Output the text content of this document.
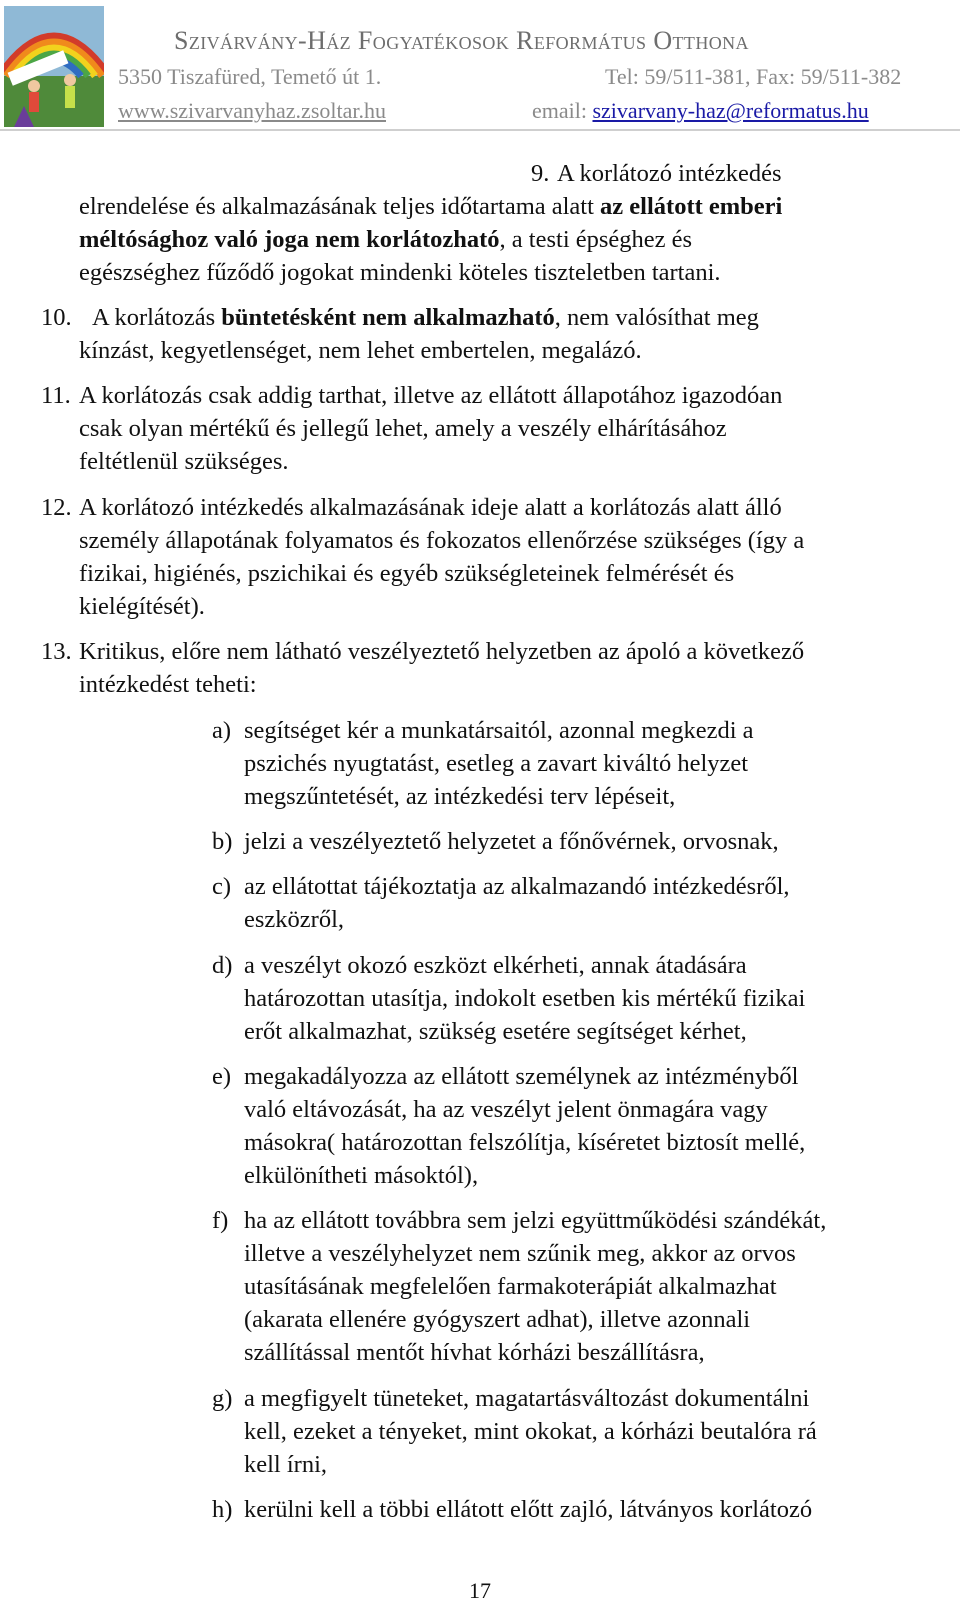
Szivárvány-Ház Fogyatékosok Református Otthona
5350 Tiszafüred, Temető út 1.	Tel: 59/511-381, Fax: 59/511-382
www.szivarvanyhaz.zsoltar.hu	email: szivarvany-haz@reformatus.hu
9. A korlátozó intézkedés
elrendelése és alkalmazásának teljes időtartama alatt az ellátott emberi
méltósághoz való joga nem korlátozható, a testi épséghez és
egészséghez fűződő jogokat mindenki köteles tiszteletben tartani.
10. A korlátozás büntetésként nem alkalmazható, nem valósíthat meg
kínzást, kegyetlenséget, nem lehet embertelen, megalázó.
11. A korlátozás csak addig tarthat, illetve az ellátott állapotához igazodóan
csak olyan mértékű és jellegű lehet, amely a veszély elhárításához
feltétlenül szükséges.
12. A korlátozó intézkedés alkalmazásának ideje alatt a korlátozás alatt álló
személy állapotának folyamatos és fokozatos ellenőrzése szükséges (így a
fizikai, higiénés, pszichikai és egyéb szükségleteinek felmérését és
kielégítését).
13. Kritikus, előre nem látható veszélyeztető helyzetben az ápoló a következő
intézkedést teheti:
a) segítséget kér a munkatársaitól, azonnal megkezdi a
pszichés nyugtatást, esetleg a zavart kiváltó helyzet
megszűntetését, az intézkedési terv lépéseit,
b) jelzi a veszélyeztető helyzetet a főnővérnek, orvosnak,
c) az ellátottat tájékoztatja az alkalmazandó intézkedésről,
eszközről,
d) a veszélyt okozó eszközt elkérheti, annak átadására
határozottan utasítja, indokolt esetben kis mértékű fizikai
erőt alkalmazhat, szükség esetére segítséget kérhet,
e) megakadályozza az ellátott személynek az intézményből
való eltávozását, ha az veszélyt jelent önmagára vagy
másokra( határozottan felszólítja, kíséretet biztosít mellé,
elkülönítheti másoktól),
f) ha az ellátott továbbra sem jelzi együttműködési szándékát,
illetve a veszélyhelyzet nem szűnik meg, akkor az orvos
utasításának megfelelően farmakoterápiát alkalmazhat
(akarata ellenére gyógyszert adhat), illetve azonnali
szállítással mentőt hívhat kórházi beszállításra,
g) a megfigyelt tüneteket, magatartásváltozást dokumentálni
kell, ezeket a tényeket, mint okokat, a kórházi beutalóra rá
kell írni,
h) kerülni kell a többi ellátott előtt zajló, látványos korlátozó
17
